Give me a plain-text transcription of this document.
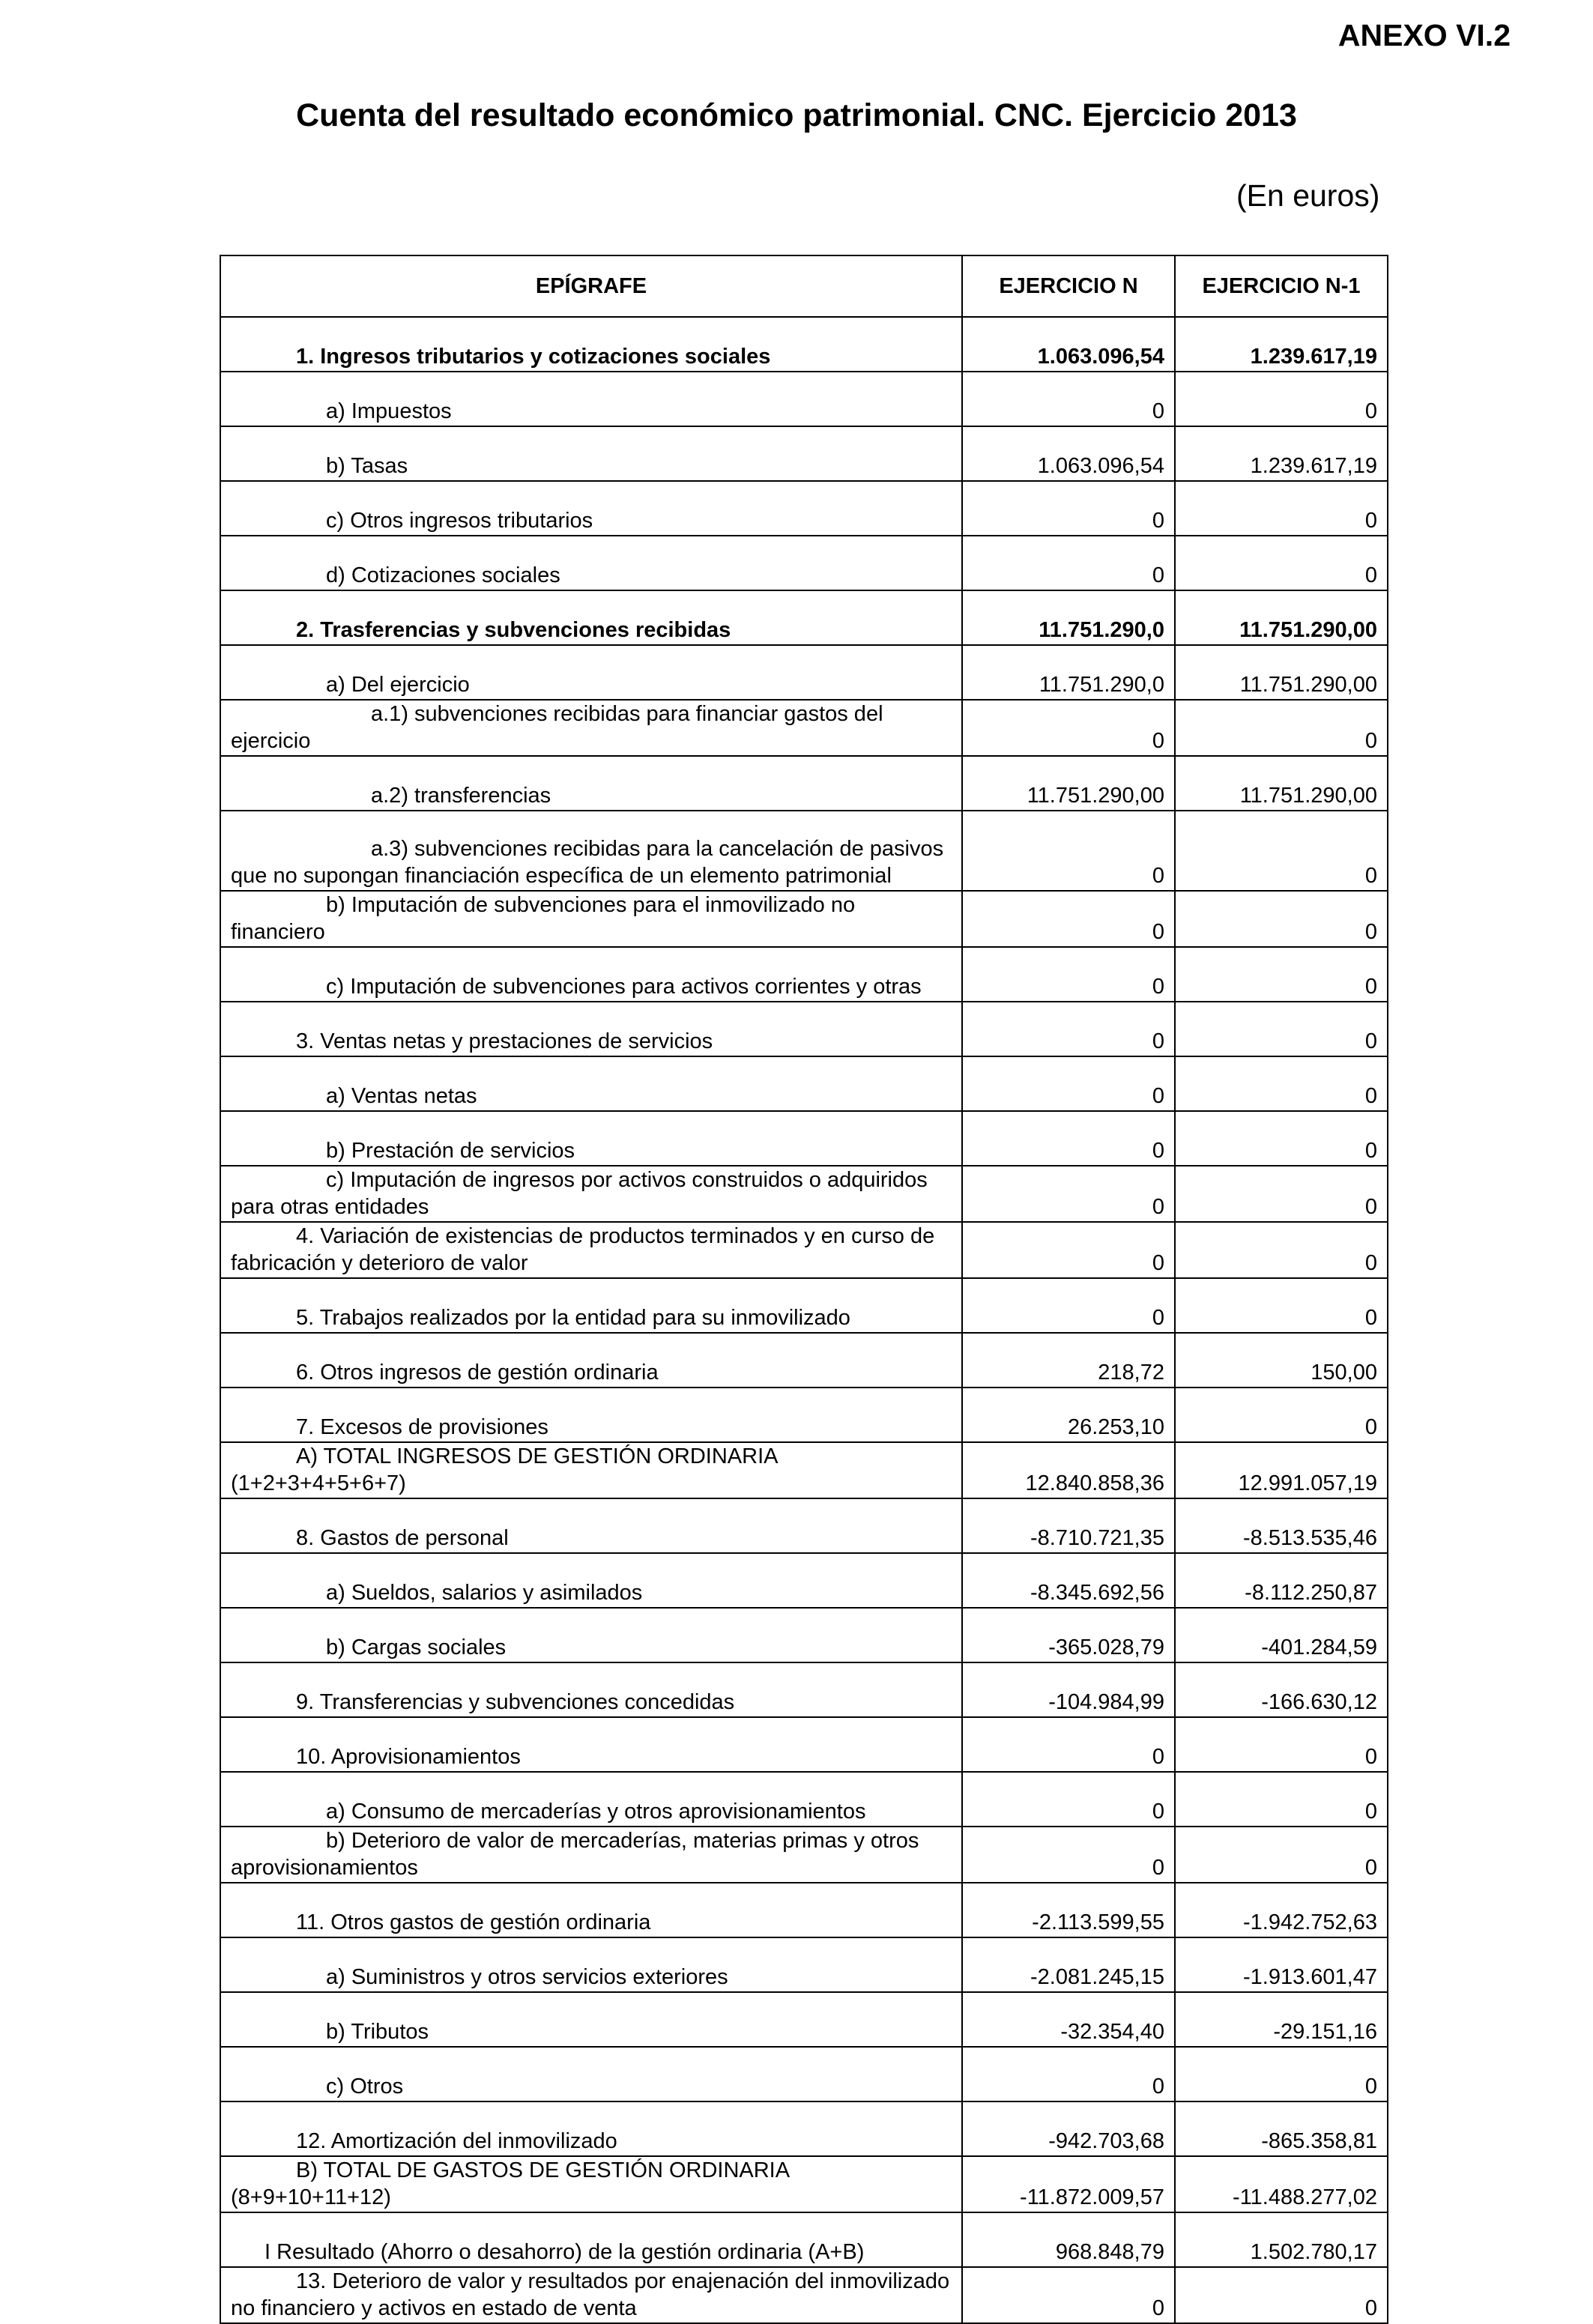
ANEXO VI.2
Cuenta del resultado económico patrimonial. CNC. Ejercicio 2013
(En euros)
EPÍGRAFE	EJERCICIO N	EJERCICIO N-1
1. Ingresos tributarios y cotizaciones sociales	1.063.096,54	1.239.617,19
a) Impuestos	0	0
b) Tasas	1.063.096,54	1.239.617,19
c) Otros ingresos tributarios	0	0
d) Cotizaciones sociales	0	0
2. Trasferencias y subvenciones recibidas	11.751.290,0	11.751.290,00
a) Del ejercicio	11.751.290,0	11.751.290,00
a.1) subvenciones recibidas para financiar gastos del ejercicio	0	0
a.2) transferencias	11.751.290,00	11.751.290,00
a.3) subvenciones recibidas para la cancelación de pasivos que no supongan financiación específica de un elemento patrimonial	0	0
b) Imputación de subvenciones para el inmovilizado no financiero	0	0
c) Imputación de subvenciones para activos corrientes y otras	0	0
3. Ventas netas y prestaciones de servicios	0	0
a) Ventas netas	0	0
b) Prestación de servicios	0	0
c) Imputación de ingresos por activos construidos o adquiridos para otras entidades	0	0
4. Variación de existencias de productos terminados y en curso de fabricación y deterioro de valor	0	0
5. Trabajos realizados por la entidad para su inmovilizado	0	0
6. Otros ingresos de gestión ordinaria	218,72	150,00
7. Excesos de provisiones	26.253,10	0
A) TOTAL INGRESOS DE GESTIÓN ORDINARIA (1+2+3+4+5+6+7)	12.840.858,36	12.991.057,19
8. Gastos de personal	-8.710.721,35	-8.513.535,46
a) Sueldos, salarios y asimilados	-8.345.692,56	-8.112.250,87
b) Cargas sociales	-365.028,79	-401.284,59
9. Transferencias y subvenciones concedidas	-104.984,99	-166.630,12
10. Aprovisionamientos	0	0
a) Consumo de mercaderías y otros aprovisionamientos	0	0
b) Deterioro de valor de mercaderías, materias primas y otros aprovisionamientos	0	0
11. Otros gastos de gestión ordinaria	-2.113.599,55	-1.942.752,63
a) Suministros y otros servicios exteriores	-2.081.245,15	-1.913.601,47
b) Tributos	-32.354,40	-29.151,16
c) Otros	0	0
12. Amortización del inmovilizado	-942.703,68	-865.358,81
B) TOTAL DE GASTOS DE GESTIÓN ORDINARIA (8+9+10+11+12)	-11.872.009,57	-11.488.277,02
I Resultado (Ahorro o desahorro) de la gestión ordinaria (A+B)	968.848,79	1.502.780,17
13. Deterioro de valor y resultados por enajenación del inmovilizado no financiero y activos en estado de venta	0	0
